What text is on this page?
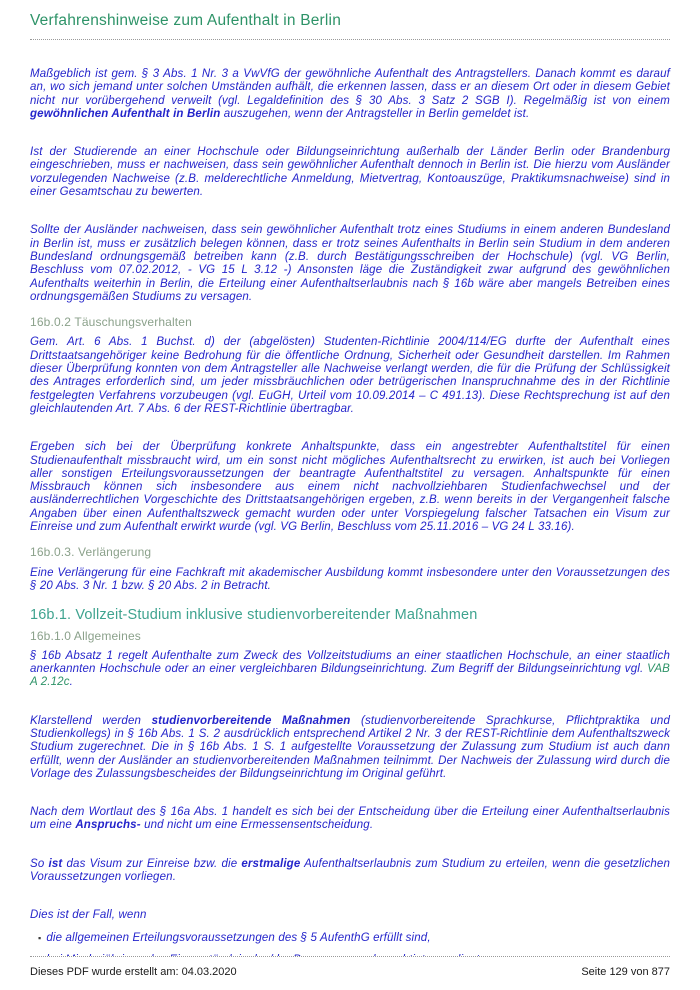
Verfahrenshinweise zum Aufenthalt in Berlin

Maßgeblich ist gem. § 3 Abs. 1 Nr. 3 a VwVfG der gewöhnliche Aufenthalt des Antragstellers. Danach kommt es darauf an, wo sich jemand unter solchen Umständen aufhält, die erkennen lassen, dass er an diesem Ort oder in diesem Gebiet nicht nur vorübergehend verweilt (vgl. Legaldefinition des § 30 Abs. 3 Satz 2 SGB I). Regelmäßig ist von einem gewöhnlichen Aufenthalt in Berlin auszugehen, wenn der Antragsteller in Berlin gemeldet ist.

Ist der Studierende an einer Hochschule oder Bildungseinrichtung außerhalb der Länder Berlin oder Brandenburg eingeschrieben, muss er nachweisen, dass sein gewöhnlicher Aufenthalt dennoch in Berlin ist. Die hierzu vom Ausländer vorzulegenden Nachweise (z.B. melderechtliche Anmeldung, Mietvertrag, Kontoauszüge, Praktikumsnachweise) sind in einer Gesamtschau zu bewerten.

Sollte der Ausländer nachweisen, dass sein gewöhnlicher Aufenthalt trotz eines Studiums in einem anderen Bundesland in Berlin ist, muss er zusätzlich belegen können, dass er trotz seines Aufenthalts in Berlin sein Studium in dem anderen Bundesland ordnungsgemäß betreiben kann (z.B. durch Bestätigungsschreiben der Hochschule) (vgl. VG Berlin, Beschluss vom 07.02.2012, - VG 15 L 3.12 -) Ansonsten läge die Zuständigkeit zwar aufgrund des gewöhnlichen Aufenthalts weiterhin in Berlin, die Erteilung einer Aufenthaltserlaubnis nach § 16b wäre aber mangels Betreiben eines ordnungsgemäßen Studiums zu versagen.

16b.0.2 Täuschungsverhalten

Gem. Art. 6 Abs. 1 Buchst. d) der (abgelösten) Studenten-Richtlinie 2004/114/EG durfte der Aufenthalt eines Drittstaatsangehöriger keine Bedrohung für die öffentliche Ordnung, Sicherheit oder Gesundheit darstellen. Im Rahmen dieser Überprüfung konnten von dem Antragsteller alle Nachweise verlangt werden, die für die Prüfung der Schlüssigkeit des Antrages erforderlich sind, um jeder missbräuchlichen oder betrügerischen Inanspruchnahme des in der Richtlinie festgelegten Verfahrens vorzubeugen (vgl. EuGH, Urteil vom 10.09.2014 – C 491.13). Diese Rechtsprechung ist auf den gleichlautenden Art. 7 Abs. 6 der REST-Richtlinie übertragbar.

Ergeben sich bei der Überprüfung konkrete Anhaltspunkte, dass ein angestrebter Aufenthaltstitel für einen Studienaufenthalt missbraucht wird, um ein sonst nicht mögliches Aufenthaltsrecht zu erwirken, ist auch bei Vorliegen aller sonstigen Erteilungsvoraussetzungen der beantragte Aufenthaltstitel zu versagen. Anhaltspunkte für einen Missbrauch können sich insbesondere aus einem nicht nachvollziehbaren Studienfachwechsel und der ausländerrechtlichen Vorgeschichte des Drittstaatsangehörigen ergeben, z.B. wenn bereits in der Vergangenheit falsche Angaben über einen Aufenthaltszweck gemacht wurden oder unter Vorspiegelung falscher Tatsachen ein Visum zur Einreise und zum Aufenthalt erwirkt wurde (vgl. VG Berlin, Beschluss vom 25.11.2016 – VG 24 L 33.16).

16b.0.3. Verlängerung

Eine Verlängerung für eine Fachkraft mit akademischer Ausbildung kommt insbesondere unter den Voraussetzungen des § 20 Abs. 3 Nr. 1 bzw. § 20 Abs. 2 in Betracht.

16b.1. Vollzeit-Studium inklusive studienvorbereitender Maßnahmen
16b.1.0 Allgemeines

§ 16b Absatz 1 regelt Aufenthalte zum Zweck des Vollzeitstudiums an einer staatlichen Hochschule, an einer staatlich anerkannten Hochschule oder an einer vergleichbaren Bildungseinrichtung. Zum Begriff der Bildungseinrichtung vgl. VAB A 2.12c.

Klarstellend werden studienvorbereitende Maßnahmen (studienvorbereitende Sprachkurse, Pflichtpraktika und Studienkollegs) in § 16b Abs. 1 S. 2 ausdrücklich entsprechend Artikel 2 Nr. 3 der REST-Richtlinie dem Aufenthaltszweck Studium zugerechnet. Die in § 16b Abs. 1 S. 1 aufgestellte Voraussetzung der Zulassung zum Studium ist auch dann erfüllt, wenn der Ausländer an studienvorbereitenden Maßnahmen teilnimmt. Der Nachweis der Zulassung wird durch die Vorlage des Zulassungsbescheides der Bildungseinrichtung im Original geführt.

Nach dem Wortlaut des § 16a Abs. 1 handelt es sich bei der Entscheidung über die Erteilung einer Aufenthaltserlaubnis um eine Anspruchs- und nicht um eine Ermessensentscheidung.

So ist das Visum zur Einreise bzw. die erstmalige Aufenthaltserlaubnis zum Studium zu erteilen, wenn die gesetzlichen Voraussetzungen vorliegen.

Dies ist der Fall, wenn

▪ die allgemeinen Erteilungsvoraussetzungen des § 5 AufenthG erfüllt sind,
Dieses PDF wurde erstellt am: 04.03.2020	Seite 129 von 877
